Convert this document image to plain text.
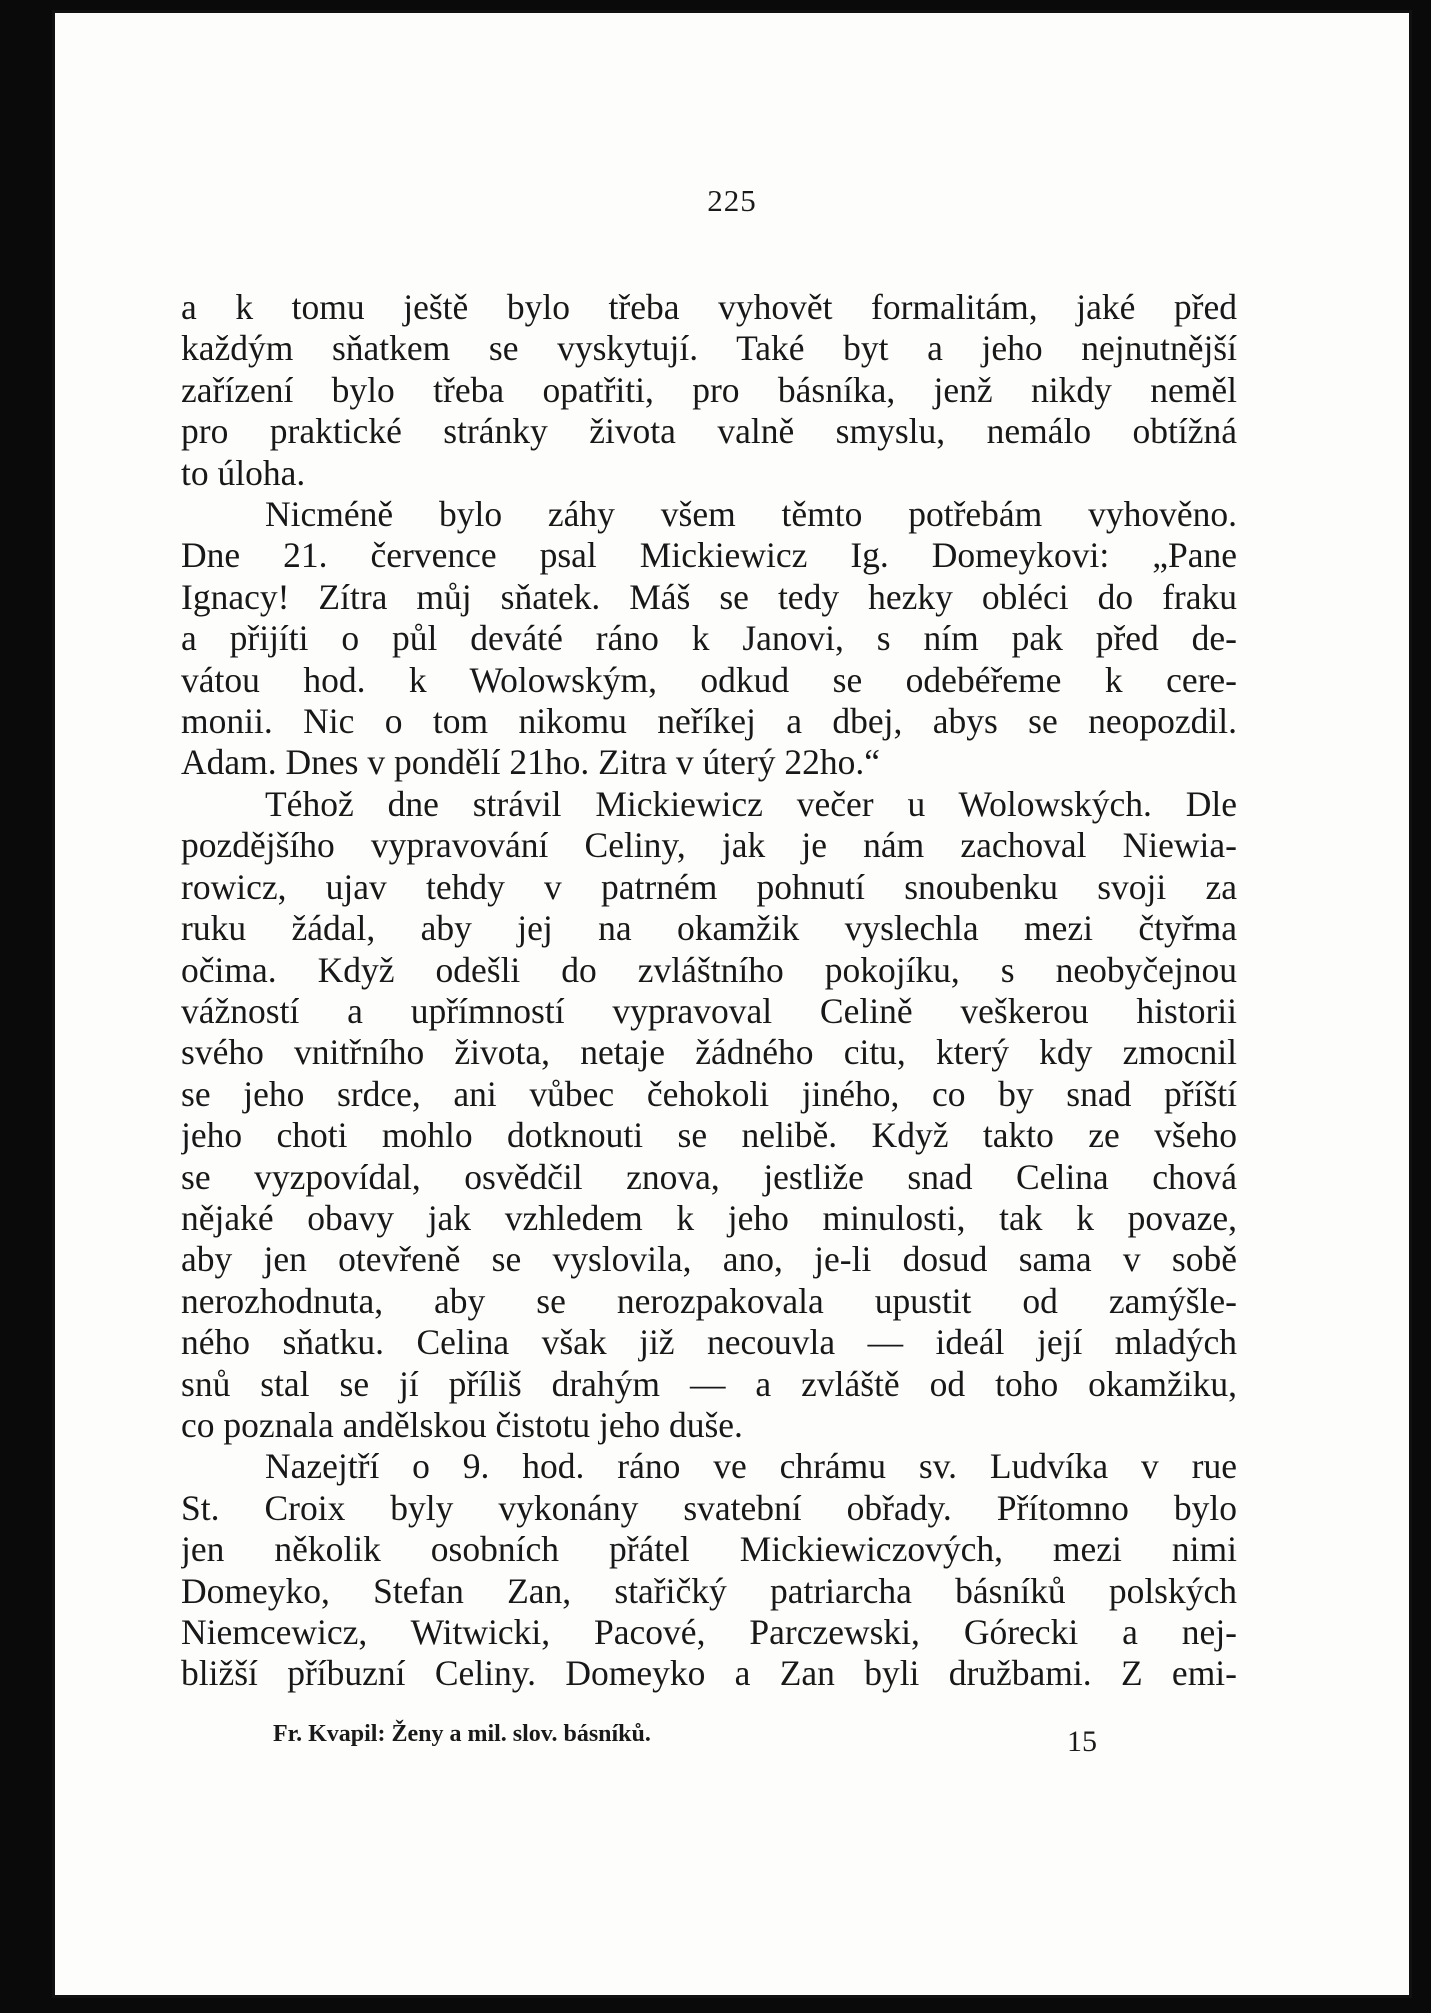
225
a k tomu ještě bylo třeba vyhovět formalitám, jaké před
každým sňatkem se vyskytují. Také byt a jeho nejnutnější
zařízení bylo třeba opatřiti, pro básníka, jenž nikdy neměl
pro praktické stránky života valně smyslu, nemálo obtížná
to úloha.
Nicméně bylo záhy všem těmto potřebám vyhověno.
Dne 21. července psal Mickiewicz Ig. Domeykovi: „Pane
Ignacy! Zítra můj sňatek. Máš se tedy hezky obléci do fraku
a přijíti o půl deváté ráno k Janovi, s ním pak před de-
vátou hod. k Wolowským, odkud se odebéřeme k cere-
monii. Nic o tom nikomu neříkej a dbej, abys se neopozdil.
Adam. Dnes v pondělí 21ho. Zitra v úterý 22ho.“
Téhož dne strávil Mickiewicz večer u Wolowských. Dle
pozdějšího vypravování Celiny, jak je nám zachoval Niewia-
rowicz, ujav tehdy v patrném pohnutí snoubenku svoji za
ruku žádal, aby jej na okamžik vyslechla mezi čtyřma
očima. Když odešli do zvláštního pokojíku, s neobyčejnou
vážností a upřímností vypravoval Celině veškerou historii
svého vnitřního života, netaje žádného citu, který kdy zmocnil
se jeho srdce, ani vůbec čehokoli jiného, co by snad příští
jeho choti mohlo dotknouti se nelibě. Když takto ze všeho
se vyzpovídal, osvědčil znova, jestliže snad Celina chová
nějaké obavy jak vzhledem k jeho minulosti, tak k povaze,
aby jen otevřeně se vyslovila, ano, je-li dosud sama v sobě
nerozhodnuta, aby se nerozpakovala upustit od zamýšle-
ného sňatku. Celina však již necouvla — ideál její mladých
snů stal se jí příliš drahým — a zvláště od toho okamžiku,
co poznala andělskou čistotu jeho duše.
Nazejtří o 9. hod. ráno ve chrámu sv. Ludvíka v rue
St. Croix byly vykonány svatební obřady. Přítomno bylo
jen několik osobních přátel Mickiewiczových, mezi nimi
Domeyko, Stefan Zan, stařičký patriarcha básníků polských
Niemcewicz, Witwicki, Pacové, Parczewski, Górecki a nej-
bližší příbuzní Celiny. Domeyko a Zan byli družbami. Z emi-
Fr. Kvapil: Ženy a mil. slov. básníků.	15
